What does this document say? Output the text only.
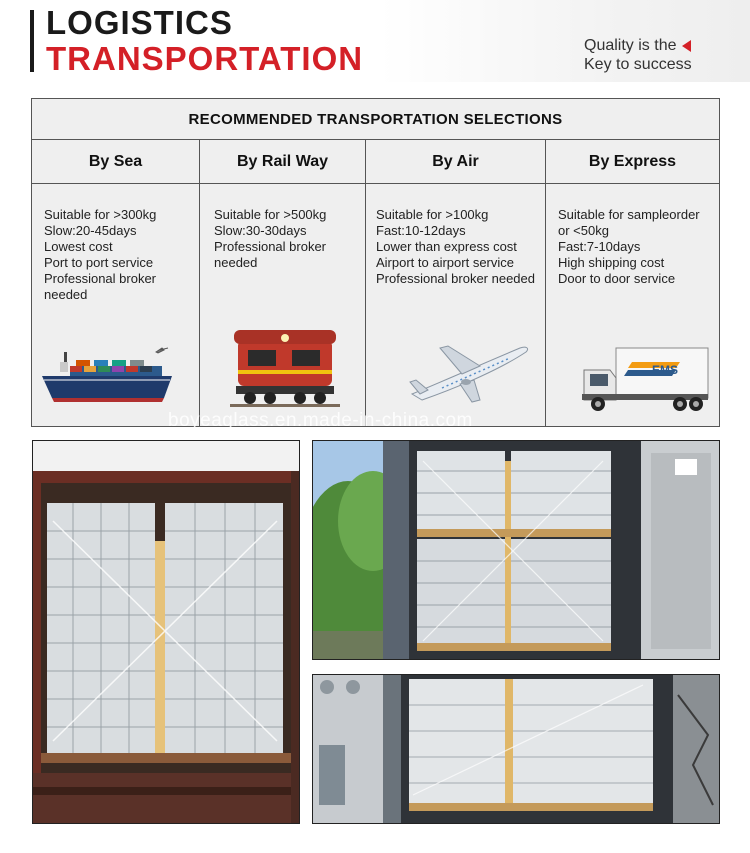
LOGISTICS
TRANSPORTATION	Quality is the
Key to success
RECOMMENDED TRANSPORTATION SELECTIONS
By Sea
Suitable for >300kg
Slow:20-45days
Lowest cost
Port to port service
Professional broker
needed
By Rail Way
Suitable for >500kg
Slow:30-30days
Professional broker
needed
By Air
Suitable for >100kg
Fast:10-12days
Lower than express cost
Airport to airport service
Professional broker needed
By Express
Suitable for sampleorder
or <50kg
Fast:7-10days
High shipping cost
Door to door service
EMS
boyeaglass.en.made-in-china.com
